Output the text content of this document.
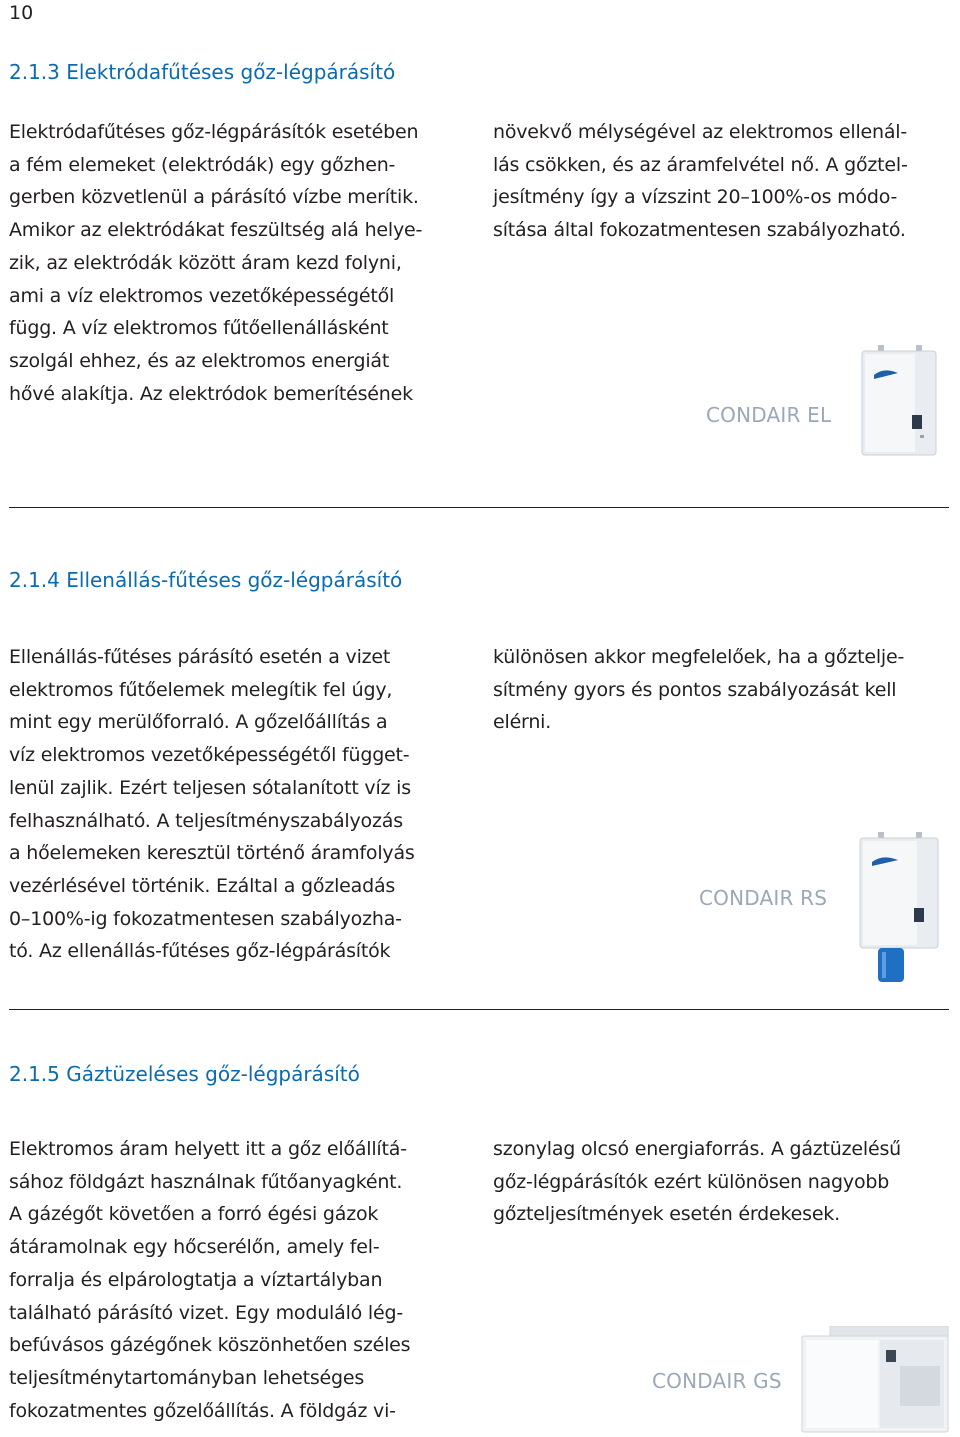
10
2.1.3 Elektródafűtéses gőz-légpárásító

Elektródafűtéses gőz-légpárásítók esetében
a fém elemeket (elektródák) egy gőzhen-
gerben közvetlenül a párásító vízbe merítik.
Amikor az elektródákat feszültség alá helye-
zik, az elektródák között áram kezd folyni,
ami a víz elektromos vezetőképességétől
függ. A víz elektromos fűtőellenállásként
szolgál ehhez, és az elektromos energiát
hővé alakítja. Az elektródok bemerítésének

növekvő mélységével az elektromos ellenál-
lás csökken, és az áramfelvétel nő. A gőztel-
jesítmény így a vízszint 20–100%-os módo-
sítása által fokozatmentesen szabályozható.

CONDAIR EL
2.1.4 Ellenállás-fűtéses gőz-légpárásító

Ellenállás-fűtéses párásító esetén a vizet
elektromos fűtőelemek melegítik fel úgy,
mint egy merülőforraló. A gőzelőállítás a
víz elektromos vezetőképességétől függet-
lenül zajlik. Ezért teljesen sótalanított víz is
felhasználható. A teljesítményszabályozás
a hőelemeken keresztül történő áramfolyás
vezérlésével történik. Ezáltal a gőzleadás
0–100%-ig fokozatmentesen szabályozha-
tó. Az ellenállás-fűtéses gőz-légpárásítók

különösen akkor megfelelőek, ha a gőztelje-
sítmény gyors és pontos szabályozását kell
elérni.

CONDAIR RS
2.1.5 Gáztüzeléses gőz-légpárásító

Elektromos áram helyett itt a gőz előállítá-
sához földgázt használnak fűtőanyagként.
A gázégőt követően a forró égési gázok
átáramolnak egy hőcserélőn, amely fel-
forralja és elpárologtatja a víztartályban
található párásító vizet. Egy moduláló lég-
befúvásos gázégőnek köszönhetően széles
teljesítménytartományban lehetséges
fokozatmentes gőzelőállítás. A földgáz vi-

szonylag olcsó energiaforrás. A gáztüzelésű
gőz-légpárásítók ezért különösen nagyobb
gőzteljesítmények esetén érdekesek.

CONDAIR GS
